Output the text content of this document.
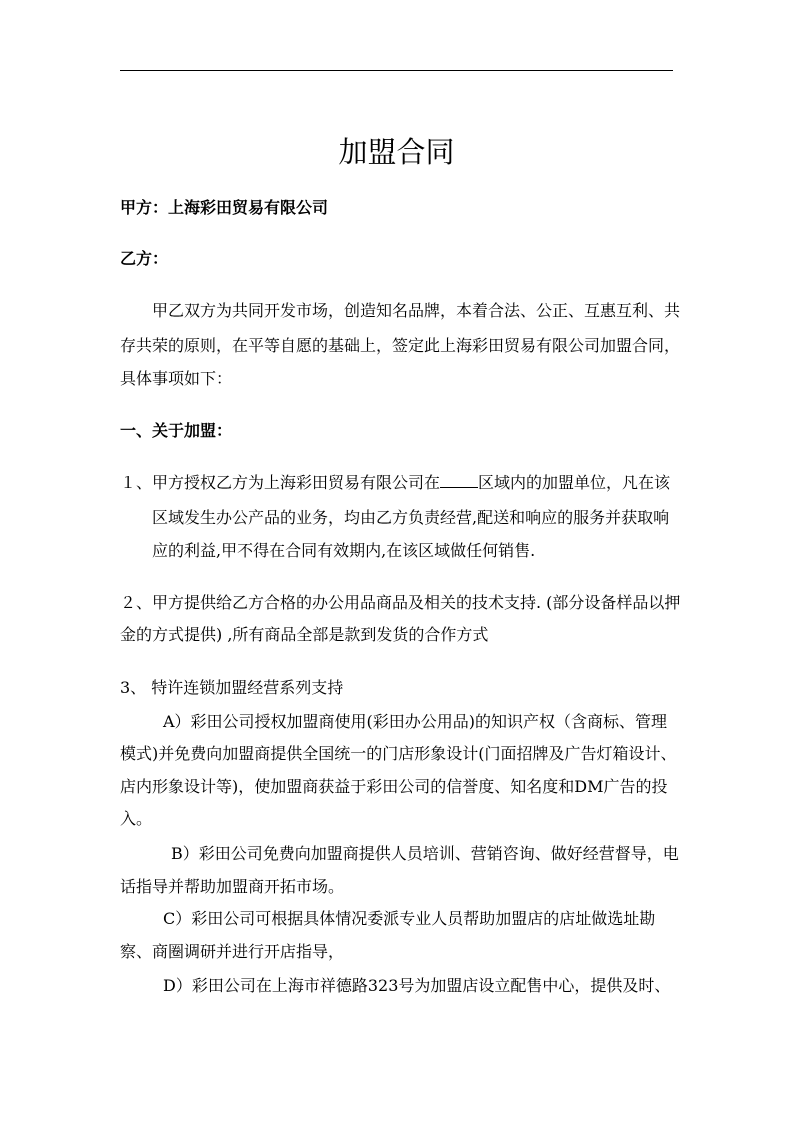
加盟合同
甲方：上海彩田贸易有限公司
乙方：
甲乙双方为共同开发市场，创造知名品牌，本着合法、公正、互惠互利、共
存共荣的原则，在平等自愿的基础上，签定此上海彩田贸易有限公司加盟合同，
具体事项如下：
一、关于加盟：
１、甲方授权乙方为上海彩田贸易有限公司在 区域内的加盟单位，凡在该
区域发生办公产品的业务，均由乙方负责经营,配送和响应的服务并获取响
应的利益,甲不得在合同有效期内,在该区域做任何销售.
２、甲方提供给乙方合格的办公用品商品及相关的技术支持. (部分设备样品以押
金的方式提供) ,所有商品全部是款到发货的合作方式
3、 特许连锁加盟经营系列支持
A）彩田公司授权加盟商使用(彩田办公用品)的知识产权（含商标、管理
模式)并免费向加盟商提供全国统一的门店形象设计(门面招牌及广告灯箱设计、
店内形象设计等)，使加盟商获益于彩田公司的信誉度、知名度和DM广告的投
入。
B）彩田公司免费向加盟商提供人员培训、营销咨询、做好经营督导，电
话指导并帮助加盟商开拓市场。
C）彩田公司可根据具体情况委派专业人员帮助加盟店的店址做选址勘
察、商圈调研并进行开店指导，
D）彩田公司在上海市祥德路323号为加盟店设立配售中心，提供及时、
